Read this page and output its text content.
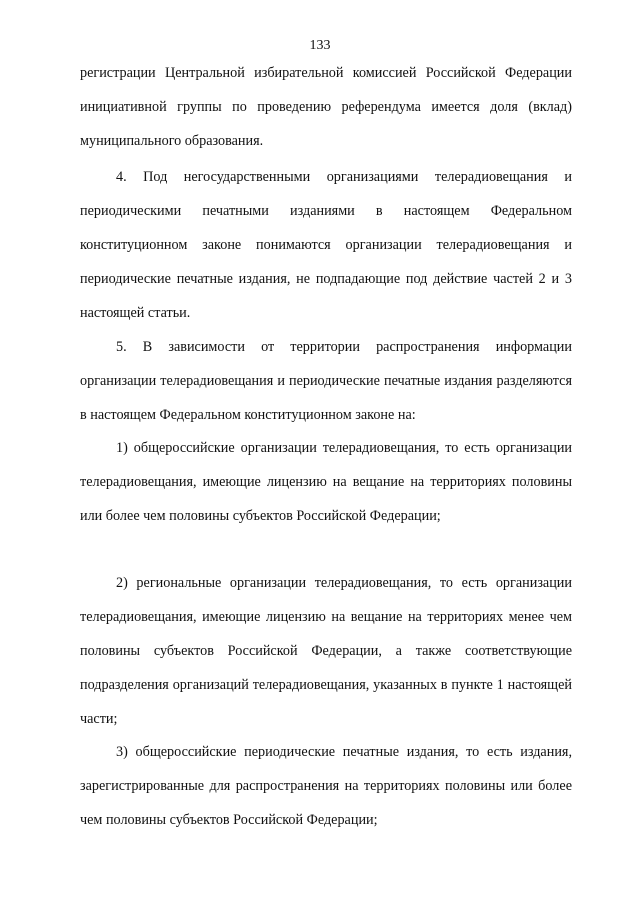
133

регистрации Центральной избирательной комиссией Российской Федерации инициативной группы по проведению референдума имеется доля (вклад) муниципального образования.

4. Под негосударственными организациями телерадиовещания и периодическими печатными изданиями в настоящем Федеральном конституционном законе понимаются организации телерадиовещания и периодические печатные издания, не подпадающие под действие частей 2 и 3 настоящей статьи.

5. В зависимости от территории распространения информации организации телерадиовещания и периодические печатные издания разделяются в настоящем Федеральном конституционном законе на:

1) общероссийские организации телерадиовещания, то есть организации телерадиовещания, имеющие лицензию на вещание на территориях половины или более чем половины субъектов Российской Федерации;

2) региональные организации телерадиовещания, то есть организации телерадиовещания, имеющие лицензию на вещание на территориях менее чем половины субъектов Российской Федерации, а также соответствующие подразделения организаций телерадиовещания, указанных в пункте 1 настоящей части;

3) общероссийские периодические печатные издания, то есть издания, зарегистрированные для распространения на территориях половины или более чем половины субъектов Российской Федерации;
